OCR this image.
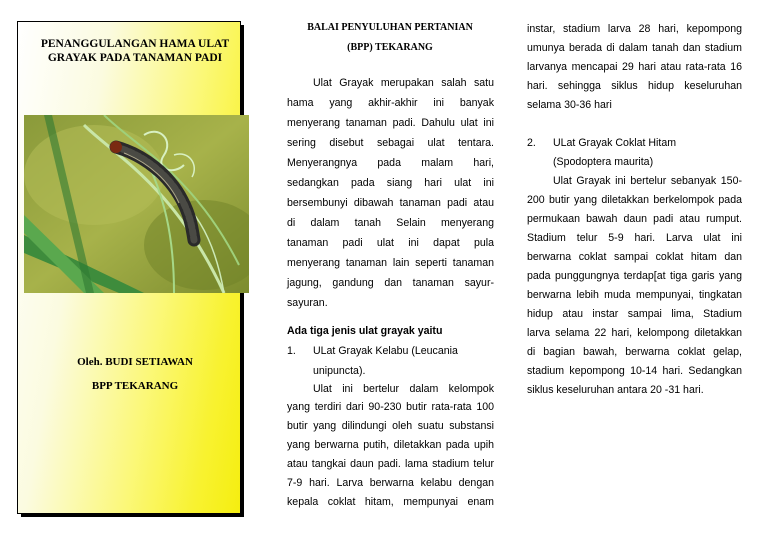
PENANGGULANGAN HAMA ULAT
GRAYAK PADA TANAMAN PADI
Oleh. BUDI SETIAWAN
BPP TEKARANG
BALAI PENYULUHAN PERTANIAN
(BPP) TEKARANG
Ulat Grayak merupakan salah satu
hama yang akhir-akhir ini banyak
menyerang tanaman padi. Dahulu ulat ini
sering disebut sebagai ulat tentara.
Menyerangnya pada malam hari,
sedangkan pada siang hari ulat ini
bersembunyi dibawah tanaman padi atau
di dalam tanah Selain menyerang
tanaman padi ulat ini dapat pula
menyerang tanaman lain seperti tanaman
jagung, gandung dan tanaman sayur-
sayuran.
Ada tiga jenis ulat grayak yaitu
1. ULat Grayak Kelabu (Leucania
unipuncta).
Ulat ini bertelur dalam kelompok
yang terdiri dari 90-230 butir rata-rata 100
butir yang dilindungi oleh suatu substansi
yang berwarna putih, diletakkan pada upih
atau tangkai daun padi. lama stadium telur
7-9 hari. Larva berwarna kelabu dengan
kepala coklat hitam, mempunyai enam
instar, stadium larva 28 hari, kepompong
umunya berada di dalam tanah dan stadium
larvanya mencapai 29 hari atau rata-rata 16
hari. sehingga siklus hidup keseluruhan
selama 30-36 hari
2. ULat Grayak Coklat Hitam
(Spodoptera maurita)
Ulat Grayak ini bertelur sebanyak 150-
200 butir yang diletakkan berkelompok pada
permukaan bawah daun padi atau rumput.
Stadium telur 5-9 hari. Larva ulat ini
berwarna coklat sampai coklat hitam dan
pada punggungnya terdap[at tiga garis yang
berwarna lebih muda mempunyai, tingkatan
hidup atau instar sampai lima, Stadium
larva selama 22 hari, kelompong diletakkan
di bagian bawah, berwarna coklat gelap,
stadium kepompong 10-14 hari. Sedangkan
siklus keseluruhan antara 20 -31 hari.
